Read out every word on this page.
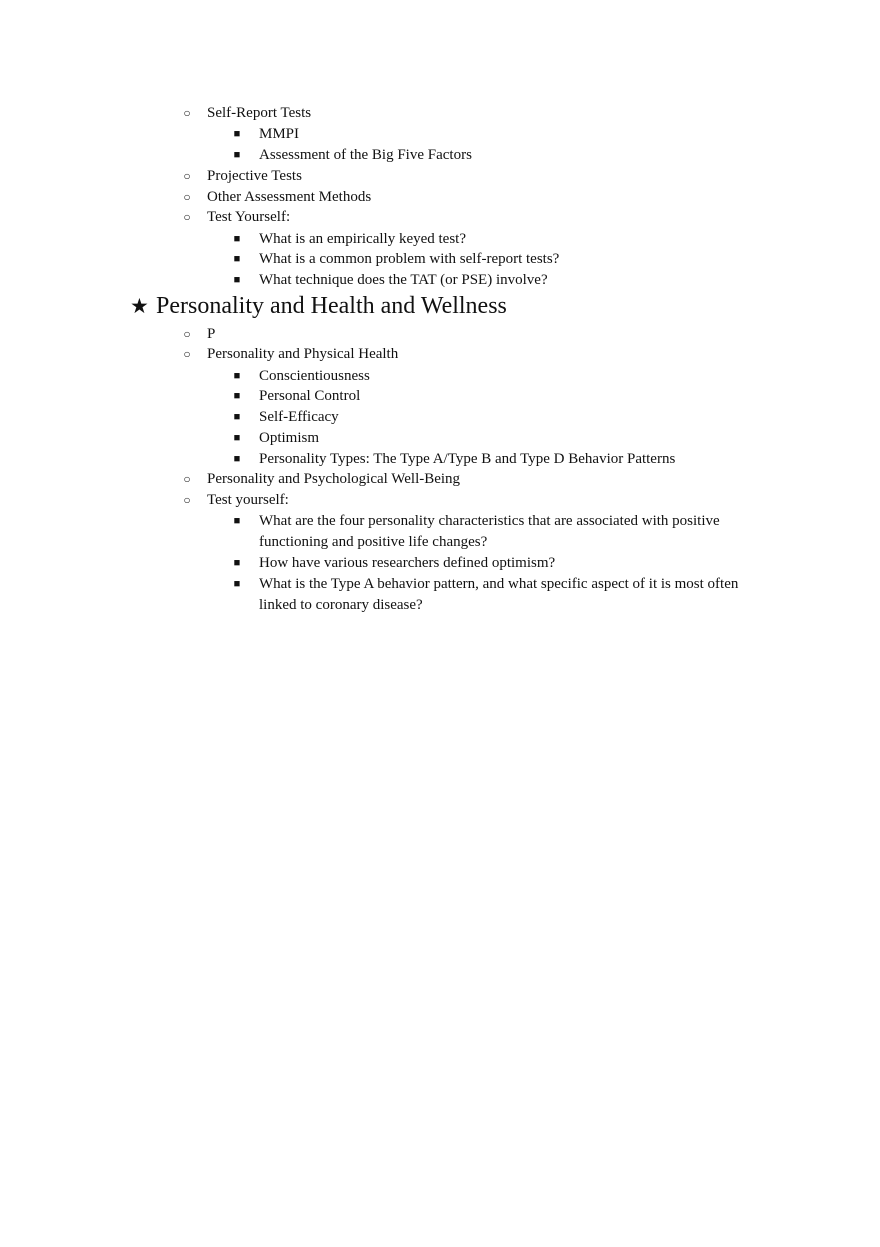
○ Self-Report Tests
■	MMPI
■	Assessment of the Big Five Factors
○ Projective Tests
○ Other Assessment Methods
○ Test Yourself:
■	What is an empirically keyed test?
■	What is a common problem with self-report tests?
■	What technique does the TAT (or PSE) involve?
★ Personality and Health and Wellness
○ P
○ Personality and Physical Health
■	Conscientiousness
■	Personal Control
■	Self-Efficacy
■	Optimism
■	Personality Types: The Type A/Type B and Type D Behavior Patterns
○ Personality and Psychological Well-Being
○ Test yourself:
■	What are the four personality characteristics that are associated with positive functioning and positive life changes?
■	How have various researchers defined optimism?
■	What is the Type A behavior pattern, and what specific aspect of it is most often linked to coronary disease?
